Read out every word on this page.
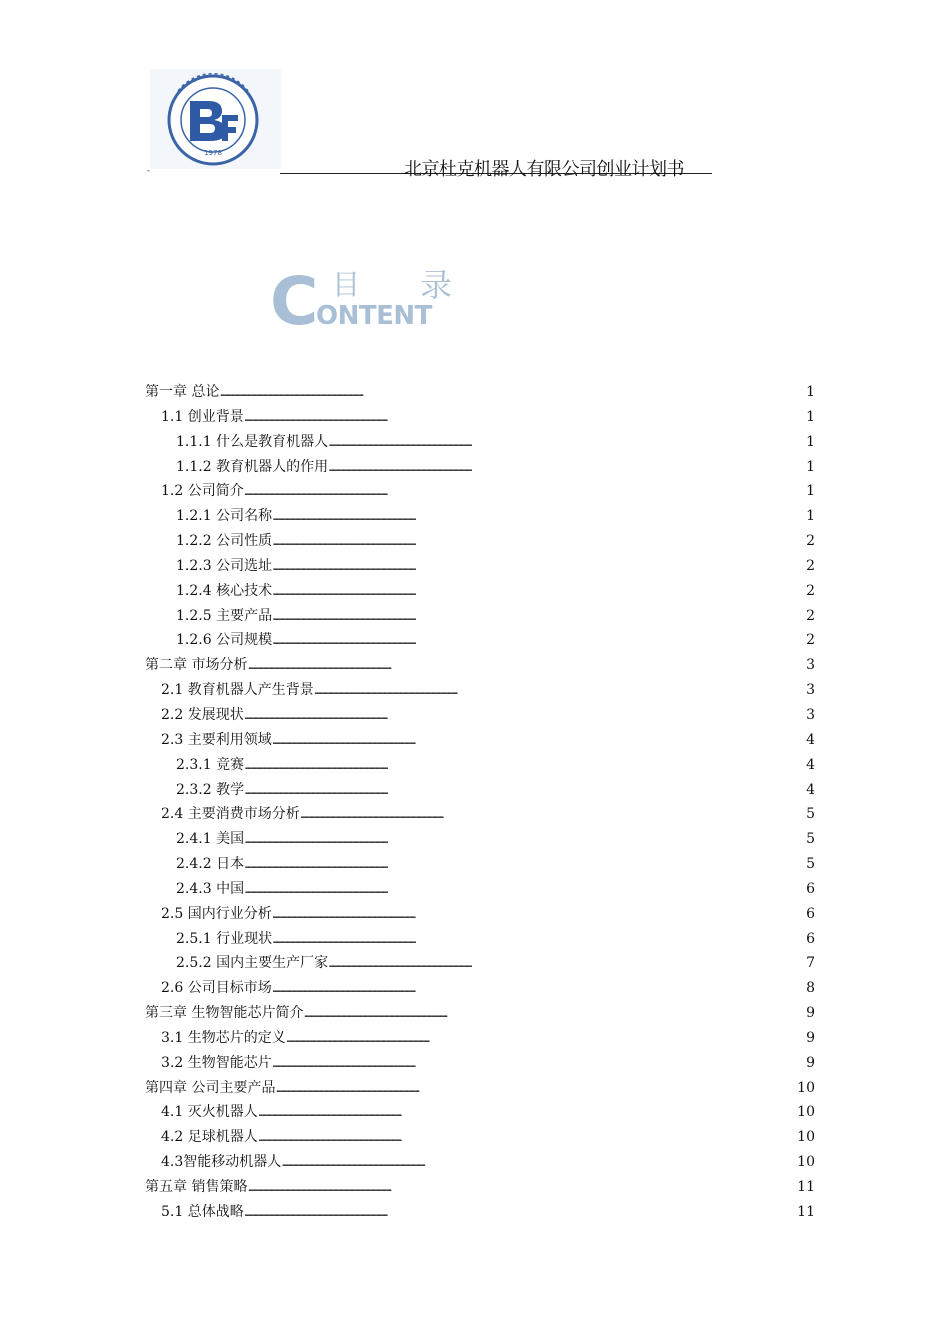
1978
-	北京杜克机器人有限公司创业计划书
C
ONTENT
目 录
第一章 总论 . . .	1
1.1 创业背景 . . .	1
1.1.1 什么是教育机器人 . . .	1
1.1.2 教育机器人的作用 . . .	1
1.2 公司简介 . . .	1
1.2.1 公司名称 . . .	1
1.2.2 公司性质 . . .	2
1.2.3 公司选址 . . .	2
1.2.4 核心技术 . . .	2
1.2.5 主要产品 . . .	2
1.2.6 公司规模 . . .	2
第二章 市场分析 . . .	3
2.1 教育机器人产生背景 . . .	3
2.2 发展现状 . . .	3
2.3 主要利用领域 . . .	4
2.3.1 竞赛 . . .	4
2.3.2 教学 . . .	4
2.4 主要消费市场分析 . . .	5
2.4.1 美国 . . .	5
2.4.2 日本 . . .	5
2.4.3 中国 . . .	6
2.5 国内行业分析 . . .	6
2.5.1 行业现状 . . .	6
2.5.2 国内主要生产厂家 . . .	7
2.6 公司目标市场 . . .	8
第三章 生物智能芯片简介 . . .	9
3.1 生物芯片的定义 . . .	9
3.2 生物智能芯片 . . .	9
第四章 公司主要产品 . . .	10
4.1 灭火机器人 . . .	10
4.2 足球机器人 . . .	10
4.3智能移动机器人 . . .	10
第五章 销售策略 . . .	11
5.1 总体战略 . . .	11
